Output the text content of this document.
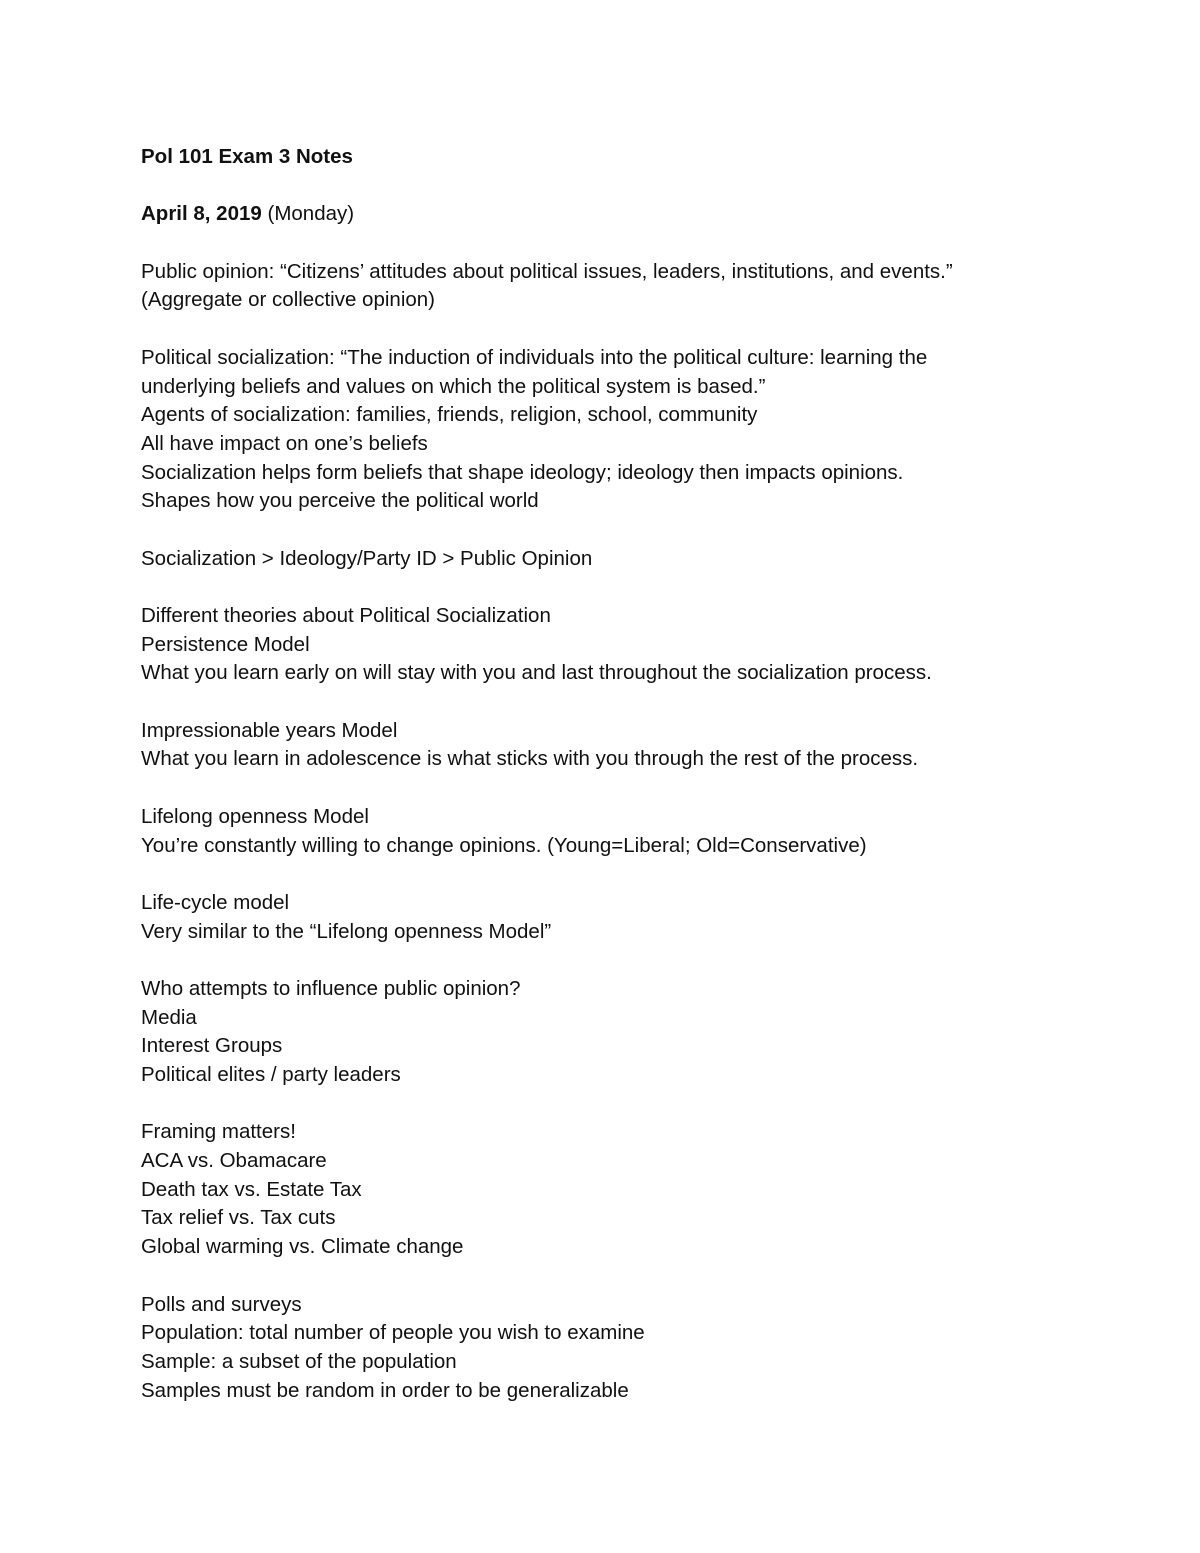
Pol 101 Exam 3 Notes
April 8, 2019 (Monday)
Public opinion: “Citizens’ attitudes about political issues, leaders, institutions, and events.”
(Aggregate or collective opinion)
Political socialization: “The induction of individuals into the political culture: learning the
underlying beliefs and values on which the political system is based.”
Agents of socialization: families, friends, religion, school, community
All have impact on one’s beliefs
Socialization helps form beliefs that shape ideology; ideology then impacts opinions.
Shapes how you perceive the political world
Socialization > Ideology/Party ID > Public Opinion
Different theories about Political Socialization
Persistence Model
What you learn early on will stay with you and last throughout the socialization process.
Impressionable years Model
What you learn in adolescence is what sticks with you through the rest of the process.
Lifelong openness Model
You’re constantly willing to change opinions. (Young=Liberal; Old=Conservative)
Life-cycle model
Very similar to the “Lifelong openness Model”
Who attempts to influence public opinion?
Media
Interest Groups
Political elites / party leaders
Framing matters!
ACA vs. Obamacare
Death tax vs. Estate Tax
Tax relief vs. Tax cuts
Global warming vs. Climate change
Polls and surveys
Population: total number of people you wish to examine
Sample: a subset of the population
Samples must be random in order to be generalizable
